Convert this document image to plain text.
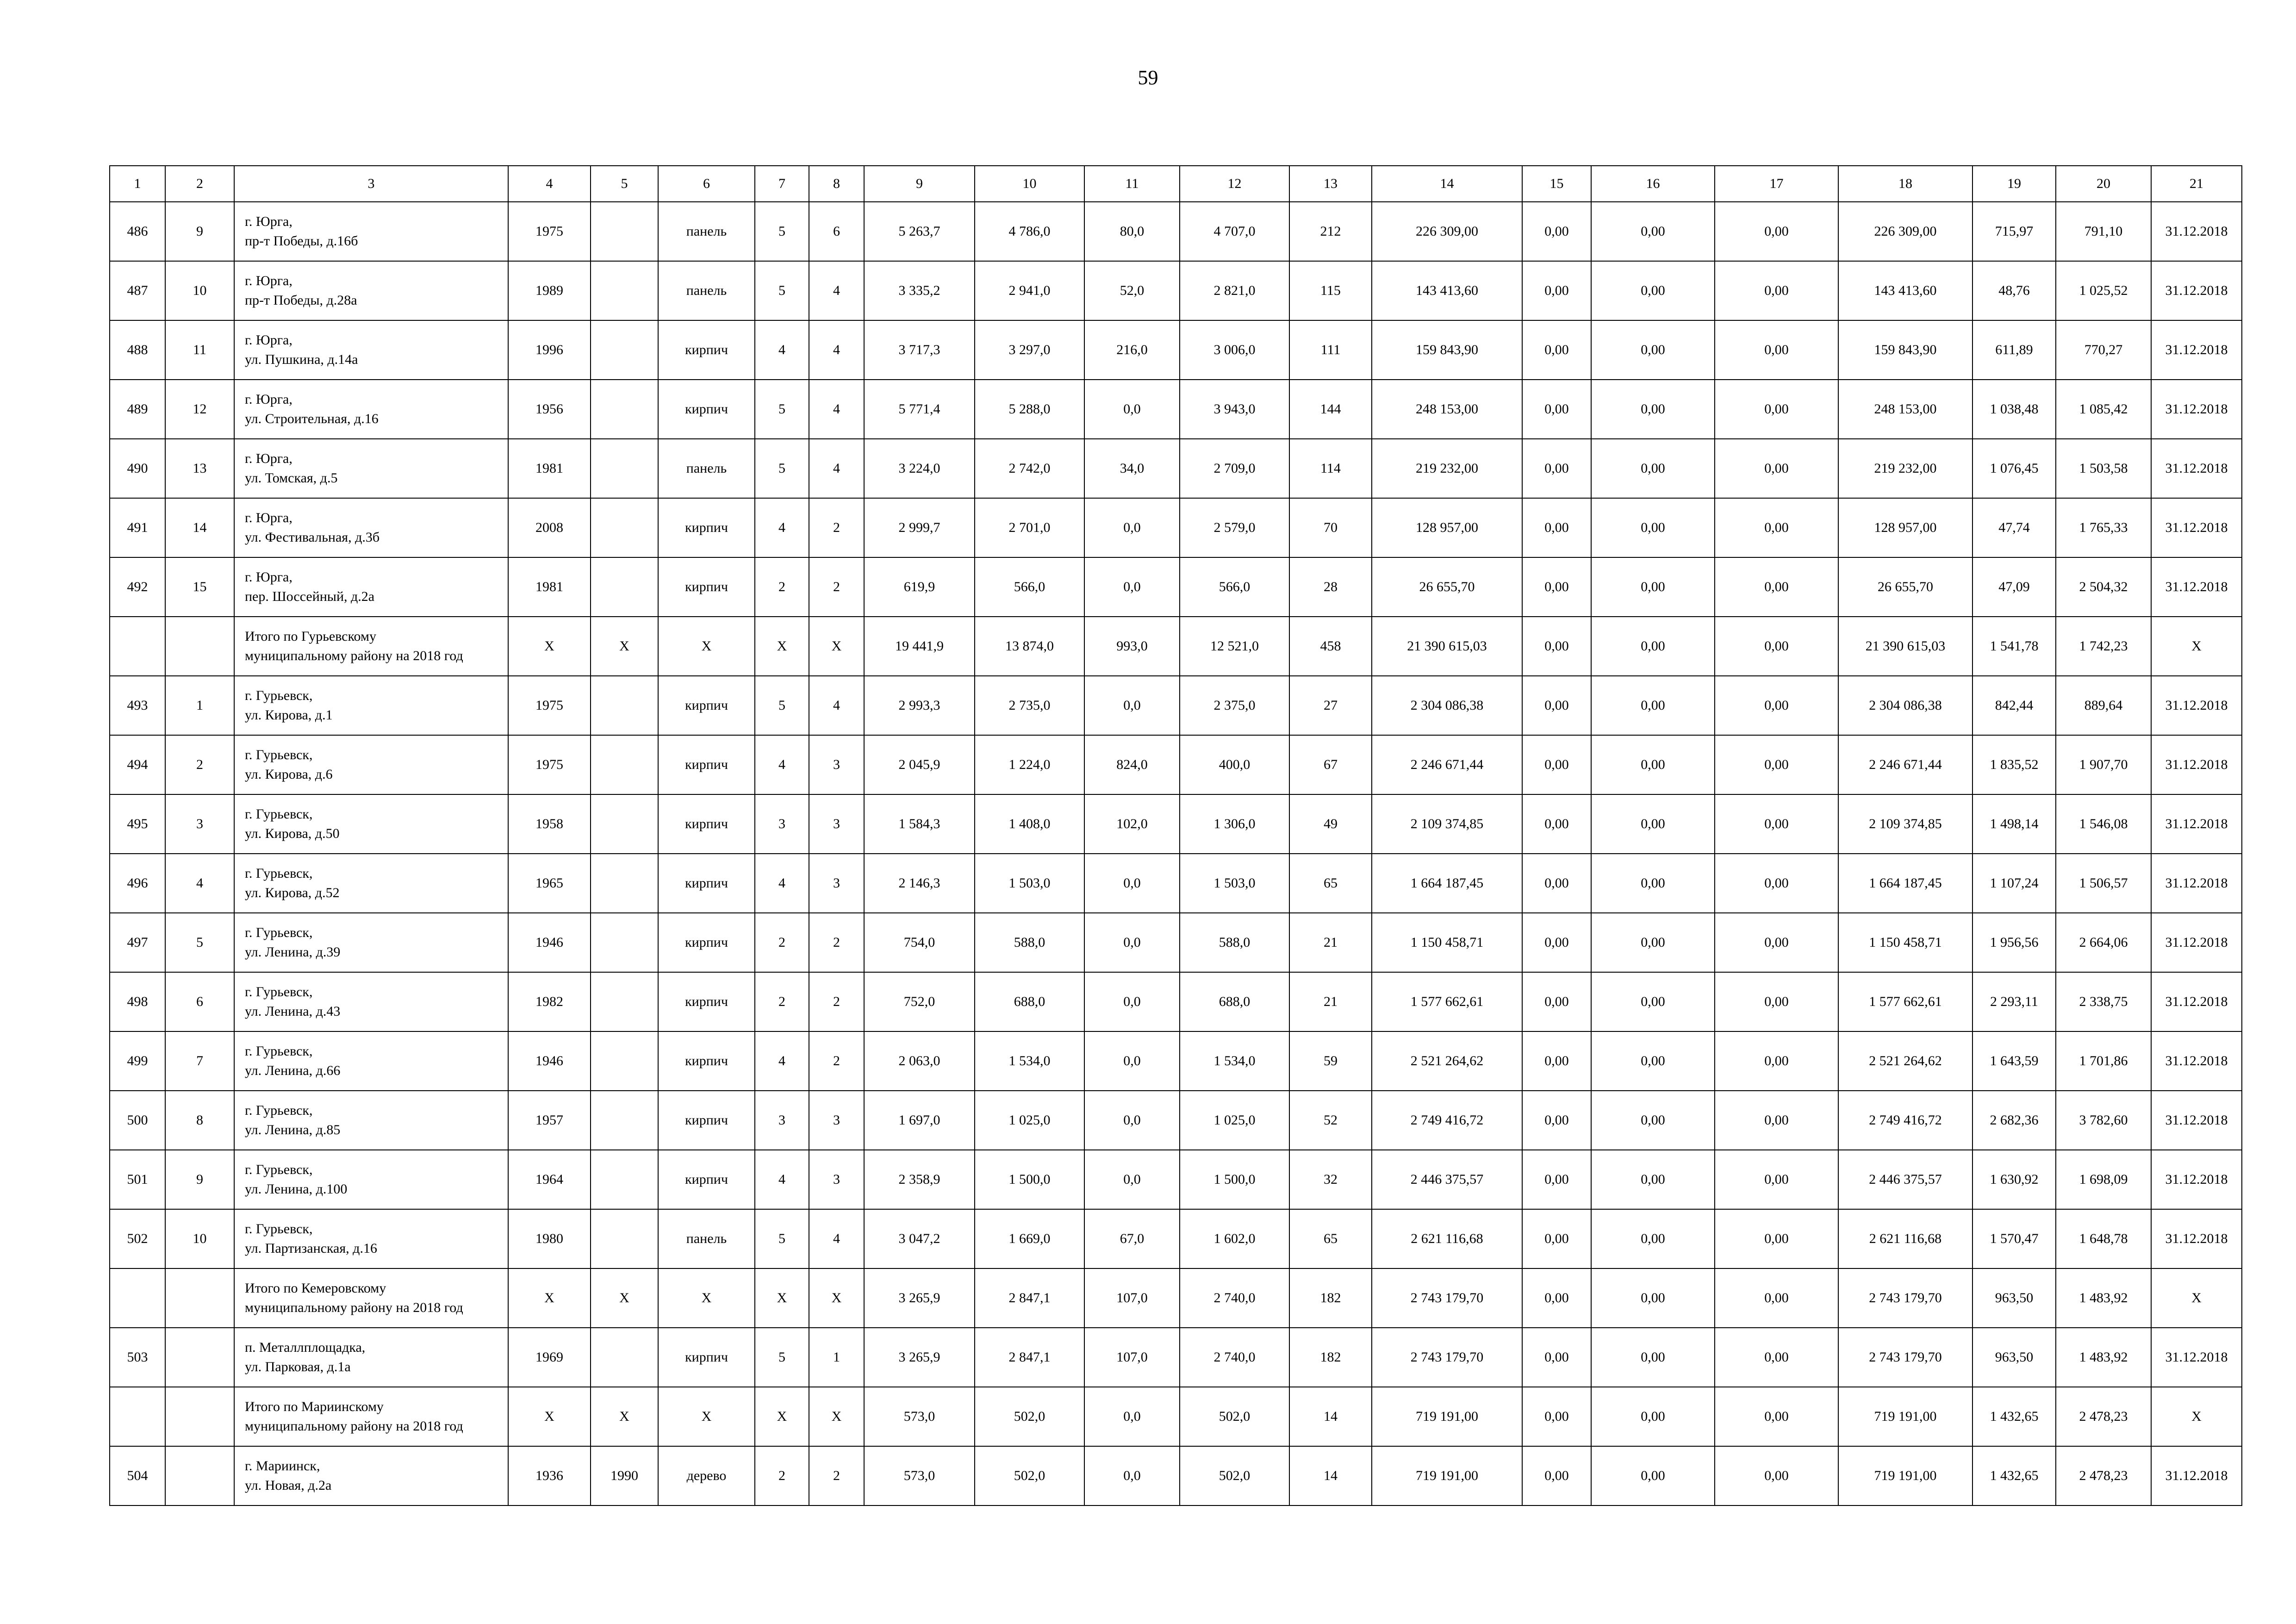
59
1	2	3	4	5	6	7	8	9	10	11	12	13	14	15	16	17	18	19	20	21
486	9	г. Юрга,
пр-т Победы, д.16б	1975		панель	5	6	5 263,7	4 786,0	80,0	4 707,0	212	226 309,00	0,00	0,00	0,00	226 309,00	715,97	791,10	31.12.2018
487	10	г. Юрга,
пр-т Победы, д.28а	1989		панель	5	4	3 335,2	2 941,0	52,0	2 821,0	115	143 413,60	0,00	0,00	0,00	143 413,60	48,76	1 025,52	31.12.2018
488	11	г. Юрга,
ул. Пушкина, д.14а	1996		кирпич	4	4	3 717,3	3 297,0	216,0	3 006,0	111	159 843,90	0,00	0,00	0,00	159 843,90	611,89	770,27	31.12.2018
489	12	г. Юрга,
ул. Строительная, д.16	1956		кирпич	5	4	5 771,4	5 288,0	0,0	3 943,0	144	248 153,00	0,00	0,00	0,00	248 153,00	1 038,48	1 085,42	31.12.2018
490	13	г. Юрга,
ул. Томская, д.5	1981		панель	5	4	3 224,0	2 742,0	34,0	2 709,0	114	219 232,00	0,00	0,00	0,00	219 232,00	1 076,45	1 503,58	31.12.2018
491	14	г. Юрга,
ул. Фестивальная, д.3б	2008		кирпич	4	2	2 999,7	2 701,0	0,0	2 579,0	70	128 957,00	0,00	0,00	0,00	128 957,00	47,74	1 765,33	31.12.2018
492	15	г. Юрга,
пер. Шоссейный, д.2а	1981		кирпич	2	2	619,9	566,0	0,0	566,0	28	26 655,70	0,00	0,00	0,00	26 655,70	47,09	2 504,32	31.12.2018
		Итого по Гурьевскому
муниципальному району на 2018 год	X	X	X	X	X	19 441,9	13 874,0	993,0	12 521,0	458	21 390 615,03	0,00	0,00	0,00	21 390 615,03	1 541,78	1 742,23	X
493	1	г. Гурьевск,
ул. Кирова, д.1	1975		кирпич	5	4	2 993,3	2 735,0	0,0	2 375,0	27	2 304 086,38	0,00	0,00	0,00	2 304 086,38	842,44	889,64	31.12.2018
494	2	г. Гурьевск,
ул. Кирова, д.6	1975		кирпич	4	3	2 045,9	1 224,0	824,0	400,0	67	2 246 671,44	0,00	0,00	0,00	2 246 671,44	1 835,52	1 907,70	31.12.2018
495	3	г. Гурьевск,
ул. Кирова, д.50	1958		кирпич	3	3	1 584,3	1 408,0	102,0	1 306,0	49	2 109 374,85	0,00	0,00	0,00	2 109 374,85	1 498,14	1 546,08	31.12.2018
496	4	г. Гурьевск,
ул. Кирова, д.52	1965		кирпич	4	3	2 146,3	1 503,0	0,0	1 503,0	65	1 664 187,45	0,00	0,00	0,00	1 664 187,45	1 107,24	1 506,57	31.12.2018
497	5	г. Гурьевск,
ул. Ленина, д.39	1946		кирпич	2	2	754,0	588,0	0,0	588,0	21	1 150 458,71	0,00	0,00	0,00	1 150 458,71	1 956,56	2 664,06	31.12.2018
498	6	г. Гурьевск,
ул. Ленина, д.43	1982		кирпич	2	2	752,0	688,0	0,0	688,0	21	1 577 662,61	0,00	0,00	0,00	1 577 662,61	2 293,11	2 338,75	31.12.2018
499	7	г. Гурьевск,
ул. Ленина, д.66	1946		кирпич	4	2	2 063,0	1 534,0	0,0	1 534,0	59	2 521 264,62	0,00	0,00	0,00	2 521 264,62	1 643,59	1 701,86	31.12.2018
500	8	г. Гурьевск,
ул. Ленина, д.85	1957		кирпич	3	3	1 697,0	1 025,0	0,0	1 025,0	52	2 749 416,72	0,00	0,00	0,00	2 749 416,72	2 682,36	3 782,60	31.12.2018
501	9	г. Гурьевск,
ул. Ленина, д.100	1964		кирпич	4	3	2 358,9	1 500,0	0,0	1 500,0	32	2 446 375,57	0,00	0,00	0,00	2 446 375,57	1 630,92	1 698,09	31.12.2018
502	10	г. Гурьевск,
ул. Партизанская, д.16	1980		панель	5	4	3 047,2	1 669,0	67,0	1 602,0	65	2 621 116,68	0,00	0,00	0,00	2 621 116,68	1 570,47	1 648,78	31.12.2018
		Итого по Кемеровскому
муниципальному району на 2018 год	X	X	X	X	X	3 265,9	2 847,1	107,0	2 740,0	182	2 743 179,70	0,00	0,00	0,00	2 743 179,70	963,50	1 483,92	X
503		п. Металлплощадка,
ул. Парковая, д.1а	1969		кирпич	5	1	3 265,9	2 847,1	107,0	2 740,0	182	2 743 179,70	0,00	0,00	0,00	2 743 179,70	963,50	1 483,92	31.12.2018
		Итого по Мариинскому
муниципальному району на 2018 год	X	X	X	X	X	573,0	502,0	0,0	502,0	14	719 191,00	0,00	0,00	0,00	719 191,00	1 432,65	2 478,23	X
504		г. Мариинск,
ул. Новая, д.2а	1936	1990	дерево	2	2	573,0	502,0	0,0	502,0	14	719 191,00	0,00	0,00	0,00	719 191,00	1 432,65	2 478,23	31.12.2018
